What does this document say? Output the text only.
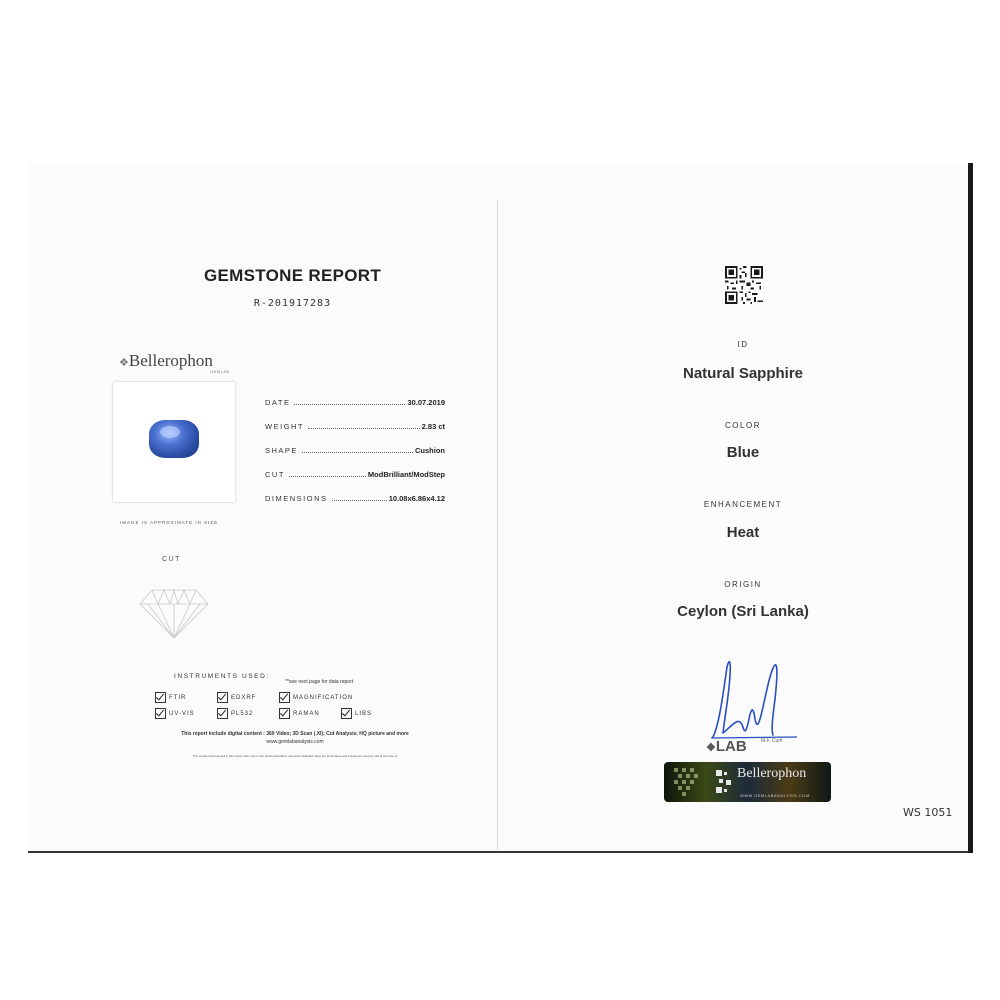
GEMSTONE REPORT
R-201917283
❖Bellerophon
GEMLAB
IMAGE IS APPROXIMATE IN SIZE
DATE	30.07.2019
WEIGHT	2.83 ct
SHAPE	Cushion
CUT	ModBrilliant/ModStep
DIMENSIONS	10.08x6.86x4.12
CUT
INSTRUMENTS USED:
**see next page for data report
FTIR	EDXRF	MAGNIFICATION
UV-VIS	PL532	RAMAN	LIBS
This report include digital content : 360 Video; 3D Scan (.XI); Cut Analysis; HQ picture and more
www.gemlabanalysis.com
The results documented in this report refer only to the article described, and were obtained using the techniques and equipment used by GM at the time of
ID
Natural Sapphire
COLOR
Blue
ENHANCEMENT
Heat
ORIGIN
Ceylon (Sri Lanka)
❖LAB	M.F. Curti
Bellerophon
WWW.GEMLABANALYSIS.COM
WS 1051
